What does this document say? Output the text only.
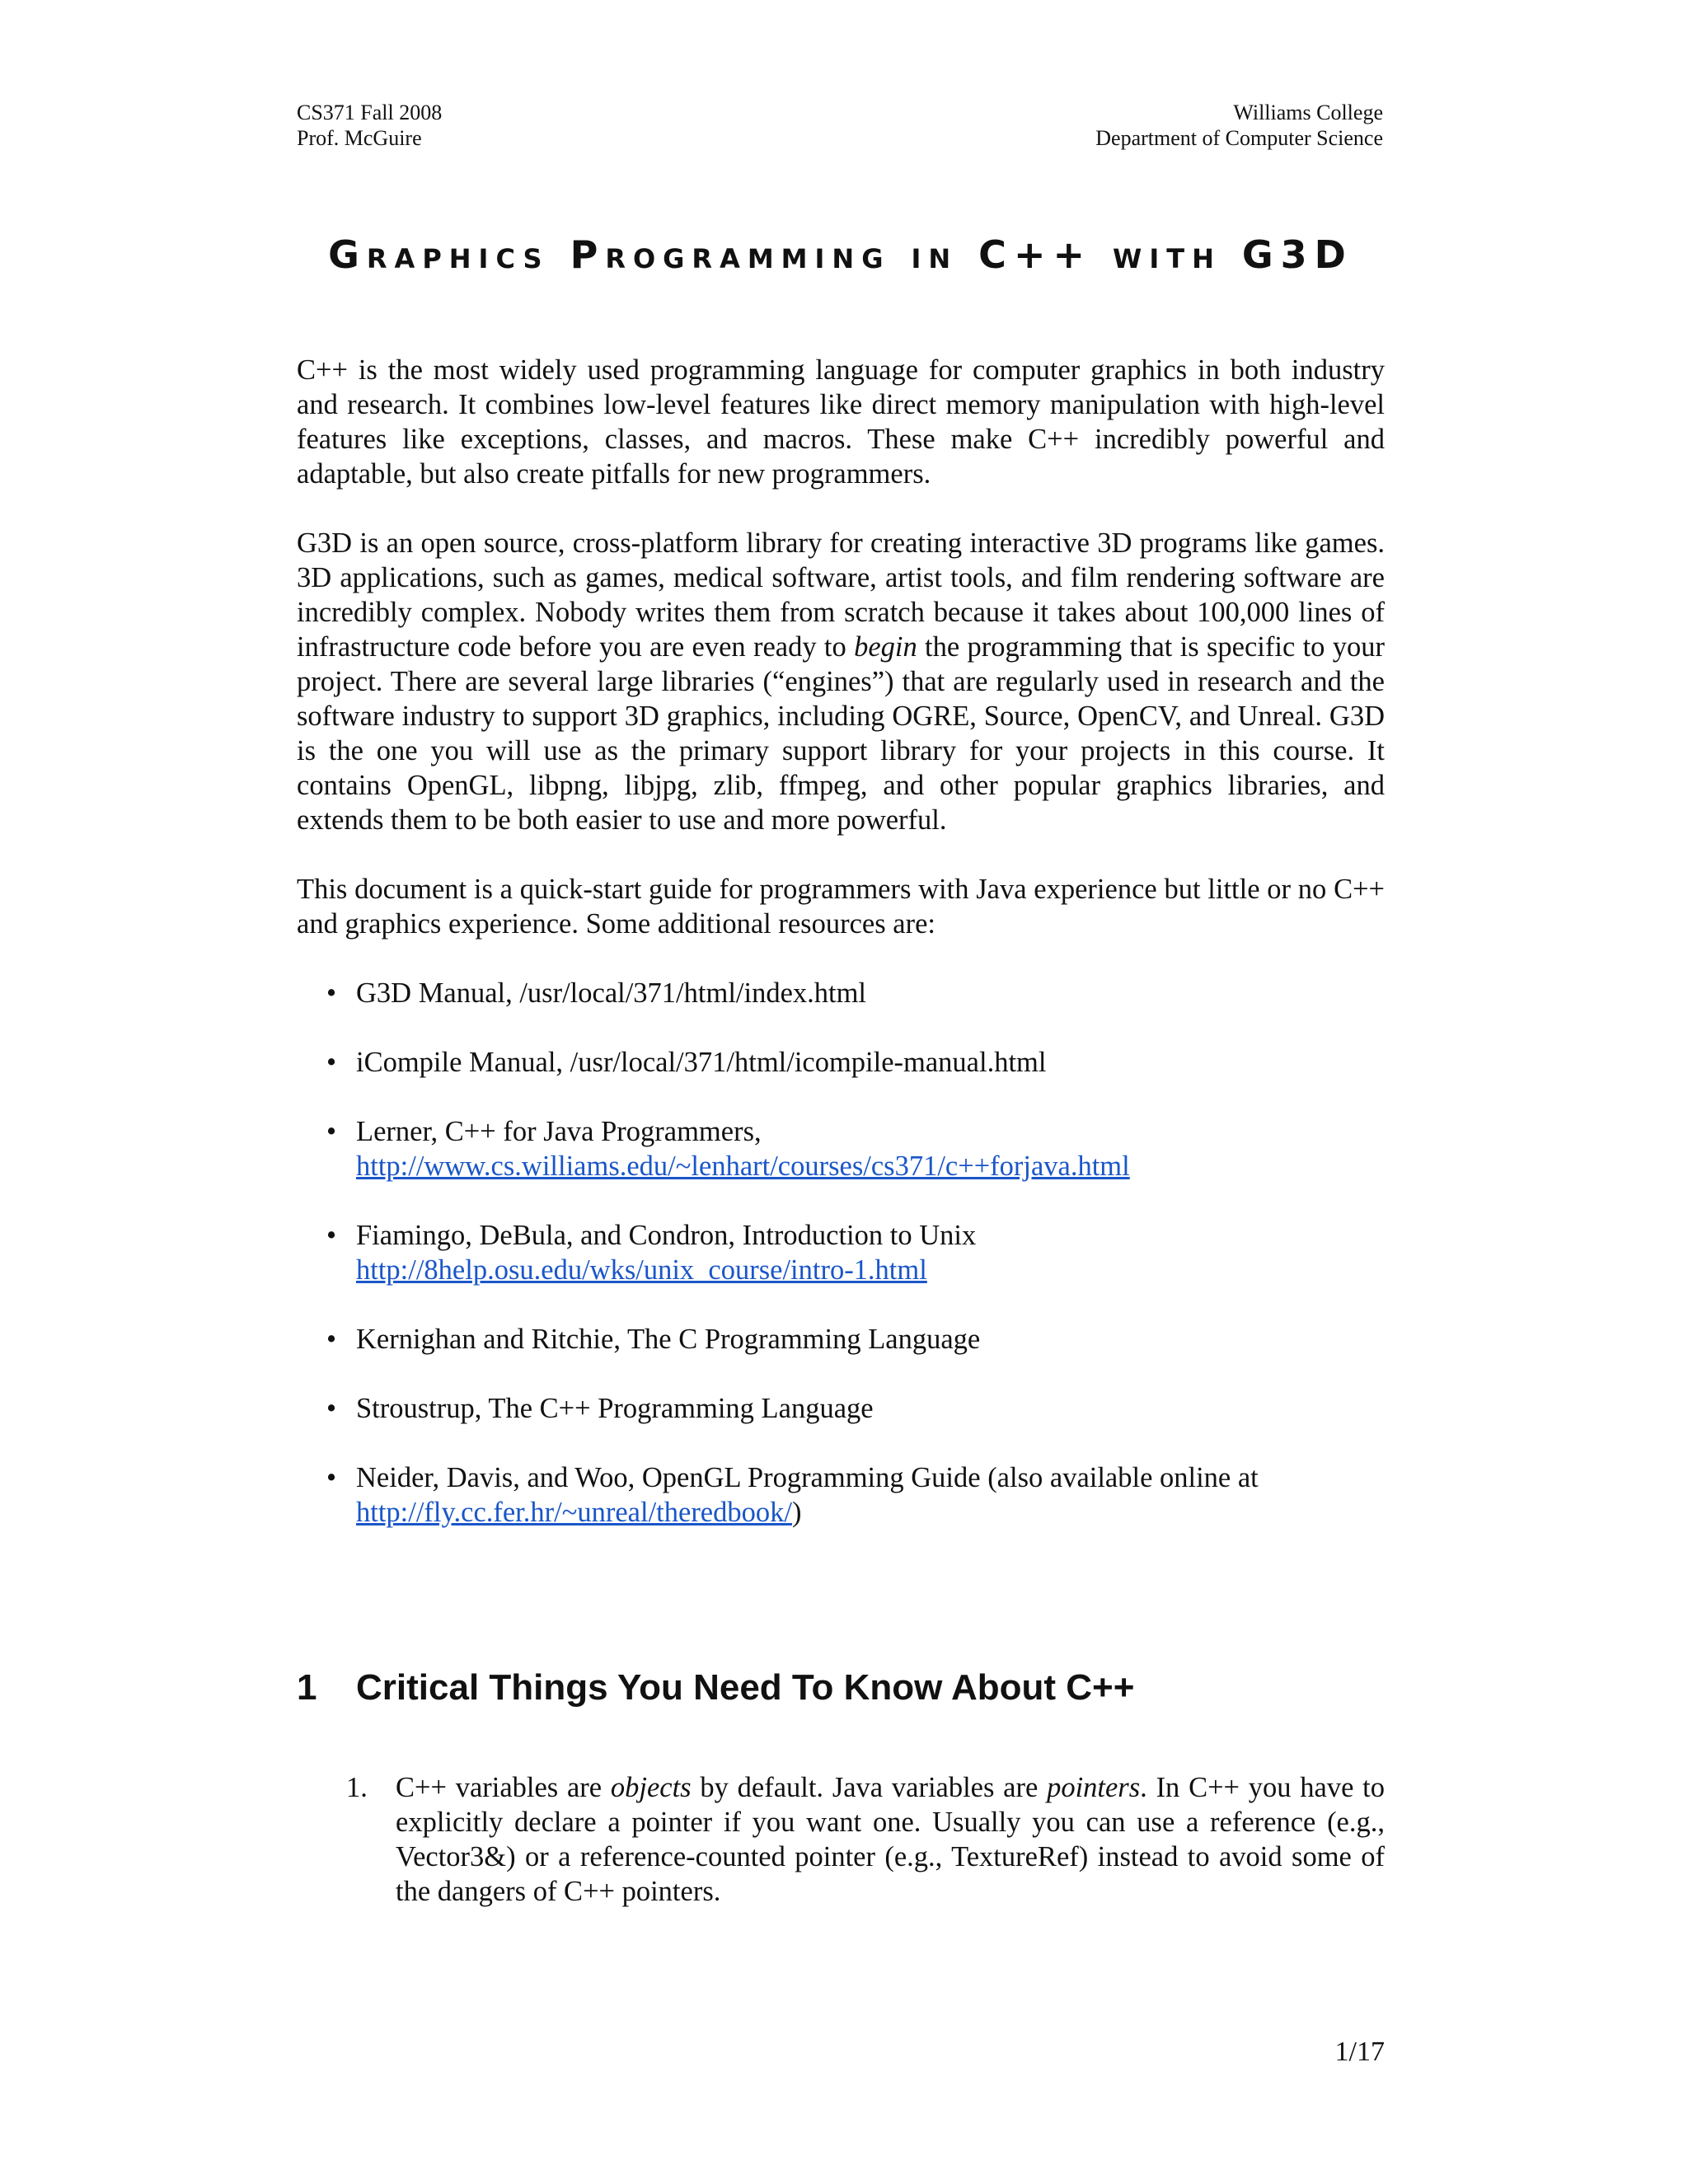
CS371 Fall 2008
Prof. McGuire
Williams College
Department of Computer Science
Graphics Programming in C++ with G3D

C++ is the most widely used programming language for computer graphics in both industry and research. It combines low-level features like direct memory manipulation with high-level features like exceptions, classes, and macros. These make C++ incredibly powerful and adaptable, but also create pitfalls for new programmers.

G3D is an open source, cross-platform library for creating interactive 3D programs like games. 3D applications, such as games, medical software, artist tools, and film rendering software are incredibly complex. Nobody writes them from scratch because it takes about 100,000 lines of infrastructure code before you are even ready to begin the programming that is specific to your project. There are several large libraries (“engines”) that are regularly used in research and the software industry to support 3D graphics, including OGRE, Source, OpenCV, and Unreal. G3D is the one you will use as the primary support library for your projects in this course. It contains OpenGL, libpng, libjpg, zlib, ffmpeg, and other popular graphics libraries, and extends them to be both easier to use and more powerful.

This document is a quick-start guide for programmers with Java experience but little or no C++ and graphics experience. Some additional resources are:

• G3D Manual, /usr/local/371/html/index.html
• iCompile Manual, /usr/local/371/html/icompile-manual.html
• Lerner, C++ for Java Programmers,
http://www.cs.williams.edu/~lenhart/courses/cs371/c++forjava.html
• Fiamingo, DeBula, and Condron, Introduction to Unix
http://8help.osu.edu/wks/unix_course/intro-1.html
• Kernighan and Ritchie, The C Programming Language
• Stroustrup, The C++ Programming Language
• Neider, Davis, and Woo, OpenGL Programming Guide (also available online at
http://fly.cc.fer.hr/~unreal/theredbook/)
1 Critical Things You Need To Know About C++
1. C++ variables are objects by default. Java variables are pointers. In C++ you have to explicitly declare a pointer if you want one. Usually you can use a reference (e.g., Vector3&) or a reference-counted pointer (e.g., TextureRef) instead to avoid some of the dangers of C++ pointers.
1/17
